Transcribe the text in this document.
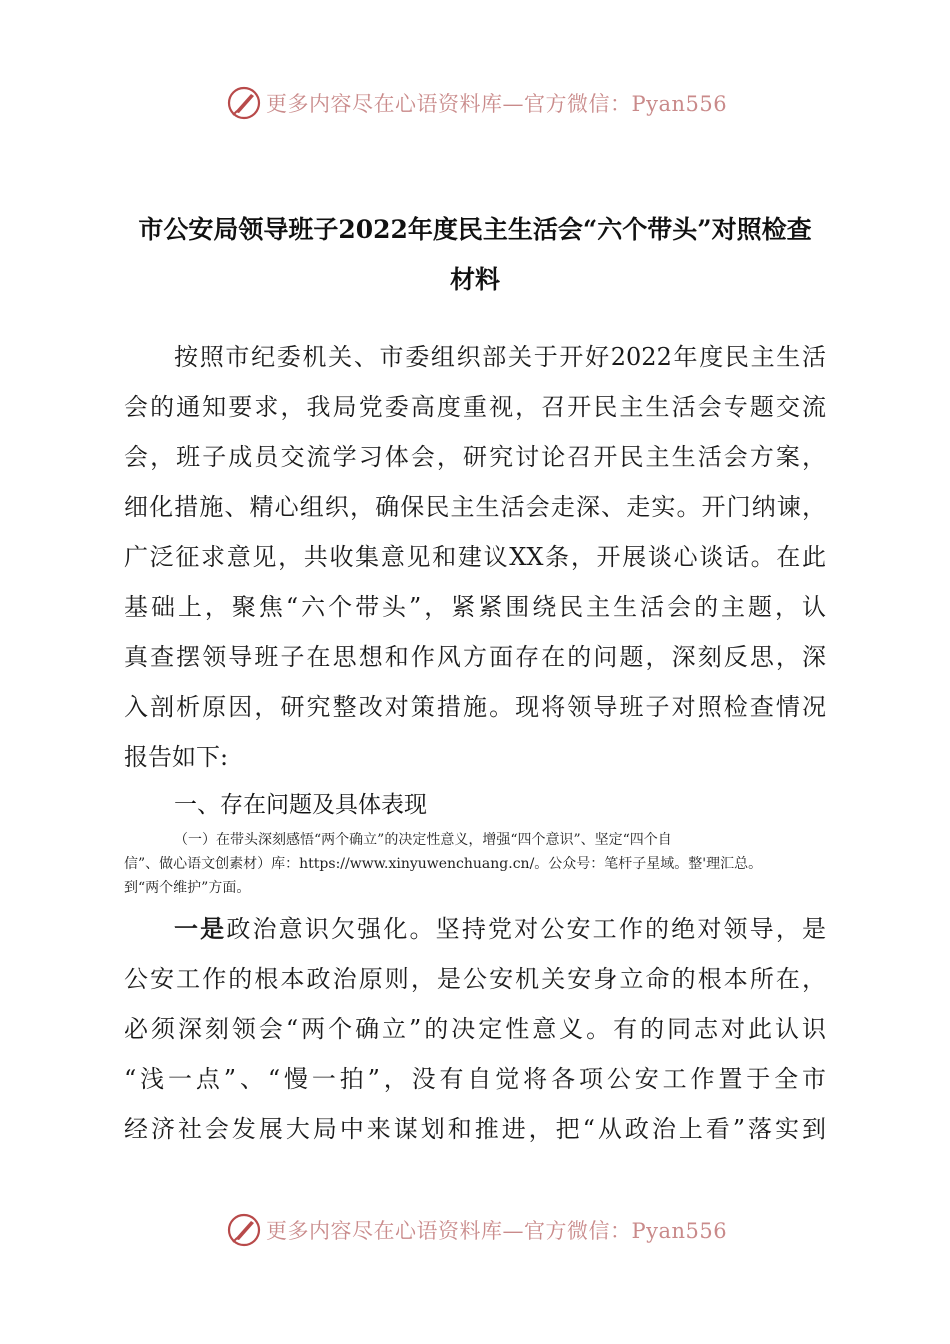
更多内容尽在心语资料库—官方微信：Pyan556
市公安局领导班子2022年度民主生活会“六个带头”对照检查
材料
按照市纪委机关、市委组织部关于开好2022年度民主生活
会的通知要求，我局党委高度重视，召开民主生活会专题交流
会，班子成员交流学习体会，研究讨论召开民主生活会方案，
细化措施、精心组织，确保民主生活会走深、走实。开门纳谏，
广泛征求意见，共收集意见和建议XX条，开展谈心谈话。在此
基础上，聚焦“六个带头”，紧紧围绕民主生活会的主题，认
真查摆领导班子在思想和作风方面存在的问题，深刻反思，深
入剖析原因，研究整改对策措施。现将领导班子对照检查情况
报告如下:
一、存在问题及具体表现
（一）在带头深刻感悟“两个确立”的决定性意义，增强“四个意识”、坚定“四个自
信”、做心语文创素材）库：https://www.xinyuwenchuang.cn/。公众号：笔杆子星域。整'理汇总。
到“两个维护”方面。
一是政治意识欠强化。坚持党对公安工作的绝对领导，是
公安工作的根本政治原则，是公安机关安身立命的根本所在，
必须深刻领会“两个确立”的决定性意义。有的同志对此认识
“浅一点”、“慢一拍”，没有自觉将各项公安工作置于全市
经济社会发展大局中来谋划和推进，把“从政治上看”落实到
更多内容尽在心语资料库—官方微信：Pyan556
